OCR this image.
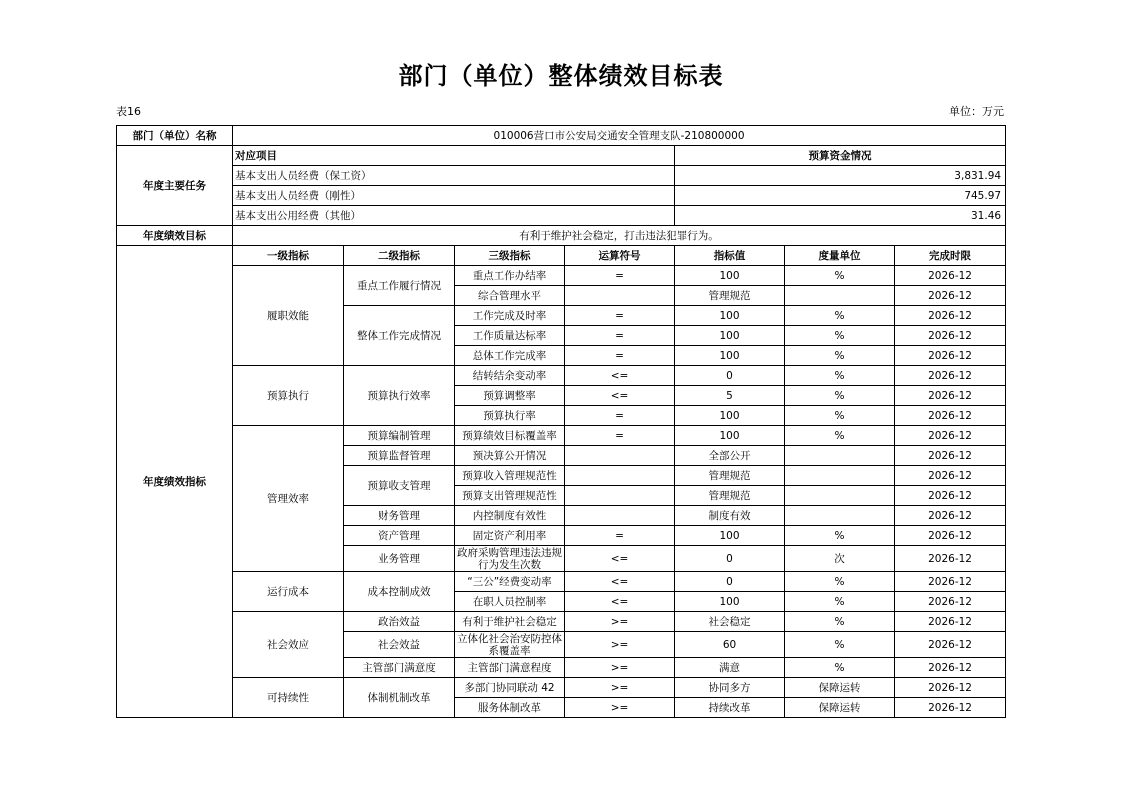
部门（单位）整体绩效目标表
表16	单位：万元
部门（单位）名称	010006营口市公安局交通安全管理支队-210800000						
年度主要任务	对应项目				预算资金情况		
	基本支出人员经费（保工资）				3,831.94		
	基本支出人员经费（刚性）				745.97		
	基本支出公用经费（其他）				31.46		
年度绩效目标	有利于维护社会稳定，打击违法犯罪行为。						
年度绩效指标	一级指标	二级指标	三级指标	运算符号	指标值	度量单位	完成时限
	履职效能	重点工作履行情况	重点工作办结率	=	100	%	2026-12
			综合管理水平		管理规范		2026-12
		整体工作完成情况	工作完成及时率	=	100	%	2026-12
			工作质量达标率	=	100	%	2026-12
			总体工作完成率	=	100	%	2026-12
	预算执行	预算执行效率	结转结余变动率	<=	0	%	2026-12
			预算调整率	<=	5	%	2026-12
			预算执行率	=	100	%	2026-12
	管理效率	预算编制管理	预算绩效目标覆盖率	=	100	%	2026-12
		预算监督管理	预决算公开情况		全部公开		2026-12
		预算收支管理	预算收入管理规范性		管理规范		2026-12
			预算支出管理规范性		管理规范		2026-12
		财务管理	内控制度有效性		制度有效		2026-12
		资产管理	固定资产利用率	=	100	%	2026-12
		业务管理	政府采购管理违法违规行为发生次数	<=	0	次	2026-12
	运行成本	成本控制成效	“三公”经费变动率	<=	0	%	2026-12
			在职人员控制率	<=	100	%	2026-12
	社会效应	政治效益	有利于维护社会稳定	>=	社会稳定	%	2026-12
		社会效益	立体化社会治安防控体系覆盖率	>=	60	%	2026-12
		主管部门满意度	主管部门满意程度	>=	满意	%	2026-12
	可持续性	体制机制改革	多部门协同联动 42	>=	协同多方	保障运转	2026-12
			服务体制改革	>=	持续改革	保障运转	2026-12
